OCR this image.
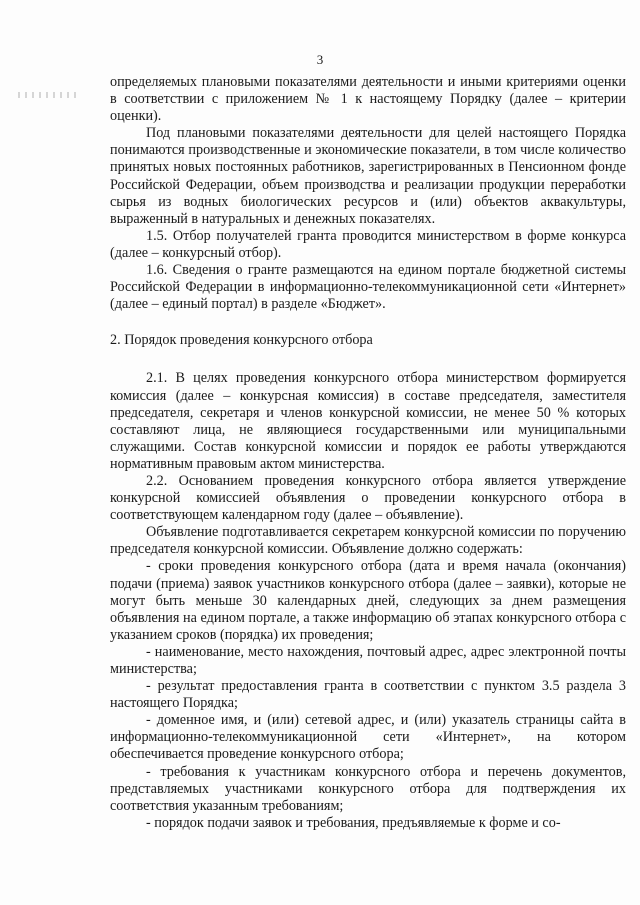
3

определяемых плановыми показателями деятельности и иными критериями оценки в соответствии с приложением № 1 к настоящему Порядку (далее – критерии оценки).

Под плановыми показателями деятельности для целей настоящего Порядка понимаются производственные и экономические показатели, в том числе количество принятых новых постоянных работников, зарегистрированных в Пенсионном фонде Российской Федерации, объем производства и реализации продукции переработки сырья из водных биологических ресурсов и (или) объектов аквакультуры, выраженный в натуральных и денежных показателях.

1.5. Отбор получателей гранта проводится министерством в форме конкурса (далее – конкурсный отбор).

1.6. Сведения о гранте размещаются на едином портале бюджетной системы Российской Федерации в информационно-телекоммуникационной сети «Интернет» (далее – единый портал) в разделе «Бюджет».

2. Порядок проведения конкурсного отбора

2.1. В целях проведения конкурсного отбора министерством формируется комиссия (далее – конкурсная комиссия) в составе председателя, заместителя председателя, секретаря и членов конкурсной комиссии, не менее 50 % которых составляют лица, не являющиеся государственными или муниципальными служащими. Состав конкурсной комиссии и порядок ее работы утверждаются нормативным правовым актом министерства.

2.2. Основанием проведения конкурсного отбора является утверждение конкурсной комиссией объявления о проведении конкурсного отбора в соответствующем календарном году (далее – объявление).

Объявление подготавливается секретарем конкурсной комиссии по поручению председателя конкурсной комиссии. Объявление должно содержать:

- сроки проведения конкурсного отбора (дата и время начала (окончания) подачи (приема) заявок участников конкурсного отбора (далее – заявки), которые не могут быть меньше 30 календарных дней, следующих за днем размещения объявления на едином портале, а также информацию об этапах конкурсного отбора с указанием сроков (порядка) их проведения;

- наименование, место нахождения, почтовый адрес, адрес электронной почты министерства;

- результат предоставления гранта в соответствии с пунктом 3.5 раздела 3 настоящего Порядка;

- доменное имя, и (или) сетевой адрес, и (или) указатель страницы сайта в информационно-телекоммуникационной сети «Интернет», на котором обеспечивается проведение конкурсного отбора;

- требования к участникам конкурсного отбора и перечень документов, представляемых участниками конкурсного отбора для подтверждения их соответствия указанным требованиям;

- порядок подачи заявок и требования, предъявляемые к форме и со-
